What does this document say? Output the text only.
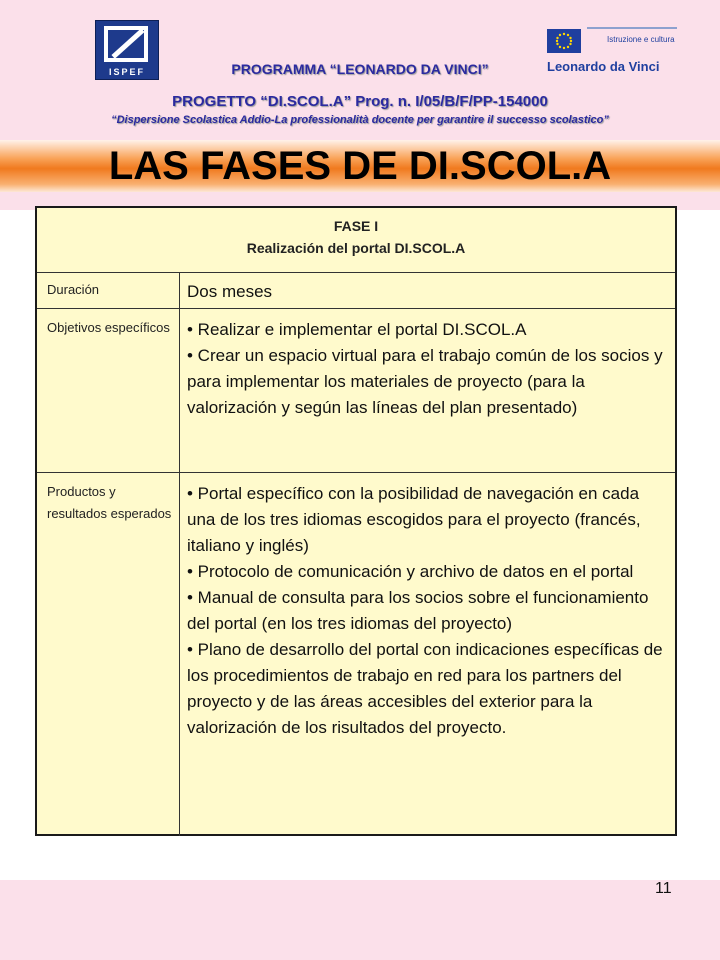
ISPEF
Istruzione e cultura
Leonardo da Vinci
PROGRAMMA “LEONARDO DA VINCI”
PROGETTO “DI.SCOL.A” Prog. n. I/05/B/F/PP-154000
“Dispersione Scolastica Addio-La professionalità docente per garantire il successo scolastico”
LAS FASES DE DI.SCOL.A
FASE I
Realización del portal DI.SCOL.A
Duración	Dos meses
Objetivos específicos • Realizar e implementar el portal DI.SCOL.A
• Crear un espacio virtual para el trabajo común de los socios y para implementar los materiales de proyecto (para la valorización y según las líneas del plan presentado)
Productos y resultados esperados
• Portal específico con la posibilidad de navegación en cada una de los tres idiomas escogidos para el proyecto (francés, italiano y inglés)
• Protocolo de comunicación y archivo de datos en el portal
• Manual de consulta para los socios sobre el funcionamiento del portal (en los tres idiomas del proyecto)
• Plano de desarrollo del portal con indicaciones específicas de los procedimientos de trabajo en red para los partners del proyecto y de las áreas accesibles del exterior para la valorización de los risultados del proyecto.
11
